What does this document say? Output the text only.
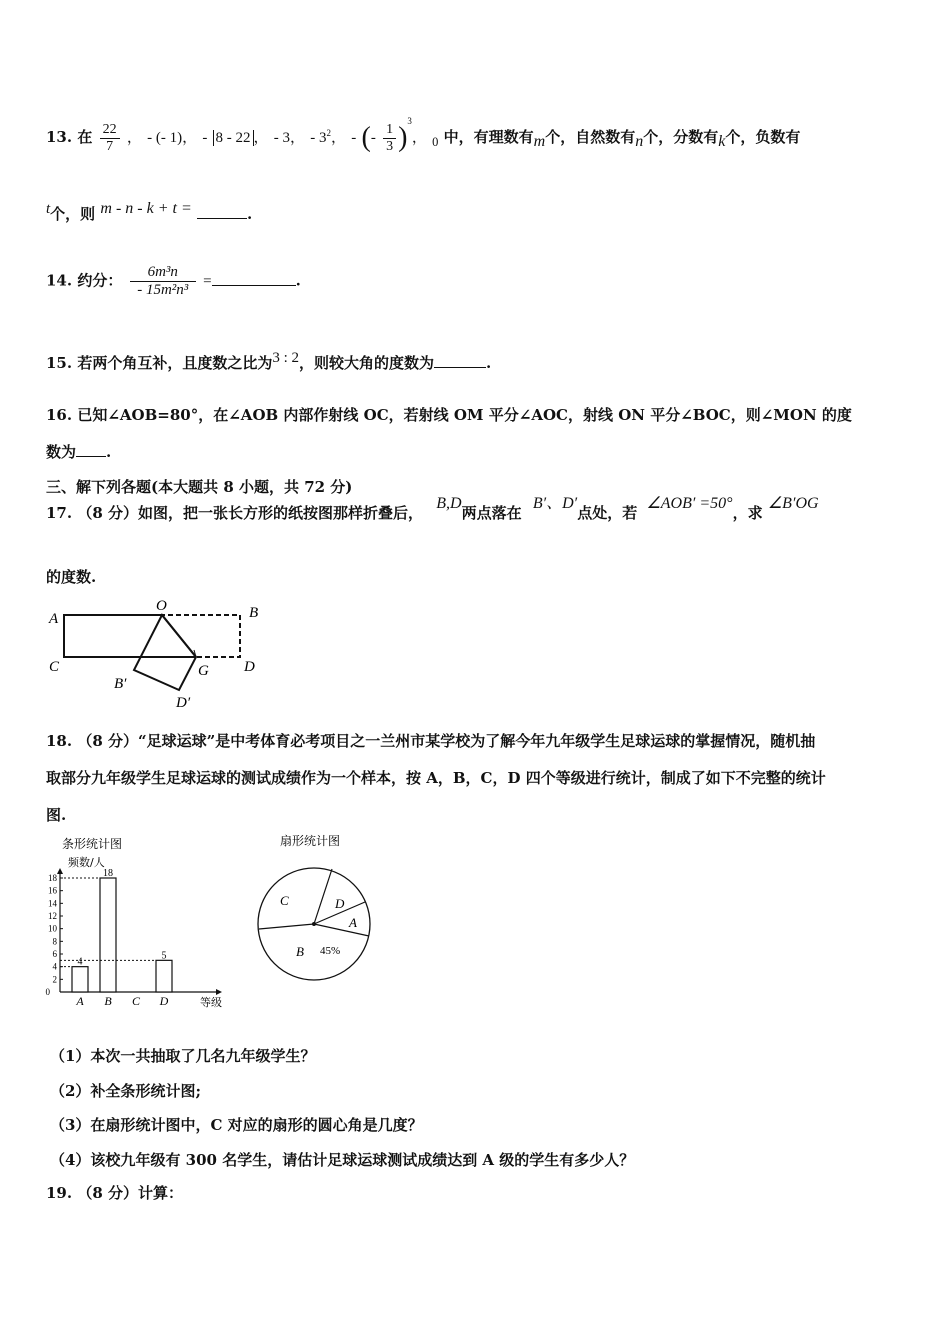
13. 在 $\frac{22}{7}$ ， - (- 1)， - 8 - 22 ， - 3， - $3^2$， - (- $\frac{1}{3} )^3$， $_0$ 中，有理数有$_m$个，自然数有$_n$个，分数有$_k$个，负数有
$^t$个，则 $^{m - n - k + t =}$	.
14. 约分： $\frac{\text{6m³n}}{\text{- 15m²n³}}$ =	.
15. 若两个角互补，且度数之比为$^{3 : 2}$，则较大角的度数为	.
16. 已知∠AOB=80°，在∠AOB 内部作射线 OC，若射线 OM 平分∠AOC，射线 ON 平分∠BOC，则∠MON 的度
数为 .
三、解下列各题(本大题共 8 小题，共 72 分)
17. （8 分）如图，把一张长方形的纸按图那样折叠后， B,D两点落在 B′、D′点处，若 ∠AOB′ =50°，求 ∠B′OG
的度数.
A
O	B
C	G D
B′
D′
18. （8 分）“足球运球”是中考体育必考项目之一兰州市某学校为了解今年九年级学生足球运球的掌握情况，随机抽
取部分九年级学生足球运球的测试成绩作为一个样本，按 A，B，C，D 四个等级进行统计，制成了如下不完整的统计
图.
条形统计图
频数/人
0
2
4
6
8
10
12
14
16
18
4
18
5
A B C D	等级
扇形统计图
C	D
A
B 45%
（1）本次一共抽取了几名九年级学生？
（2）补全条形统计图;
（3）在扇形统计图中，C 对应的扇形的圆心角是几度？
（4）该校九年级有 300 名学生，请估计足球运球测试成绩达到 A 级的学生有多少人？
19. （8 分）计算：
